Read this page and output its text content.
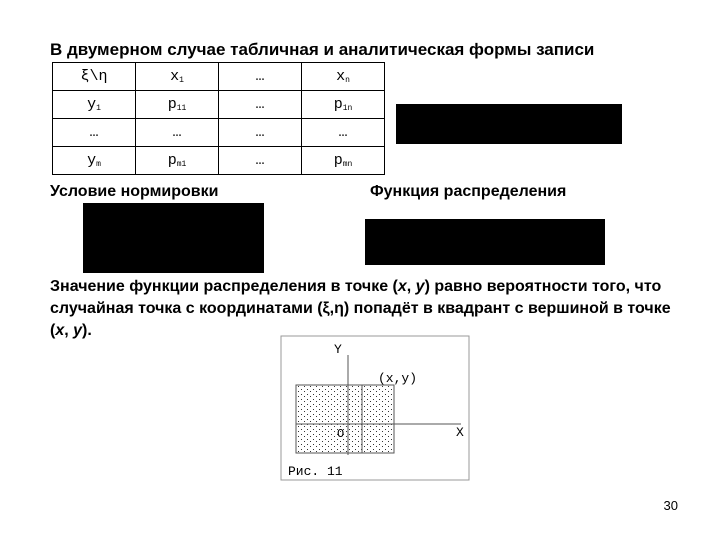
В двумерном случае табличная и аналитическая формы записи
ξ\η	$x_1$	…	$x_n$
$y_1$	$p_{11}$	…	$p_{1n}$
…	…	…	…
$y_m$	$p_{m1}$	…	$p_{mn}$
Условие нормировки	Функция распределения
Значение функции распределения в точке (x, y) равно вероятности того, что случайная точка с координатами (ξ,η) попадёт в квадрант с вершиной в точке (x, y).
Y
(x,y)
O	X
Рис. 11
30
